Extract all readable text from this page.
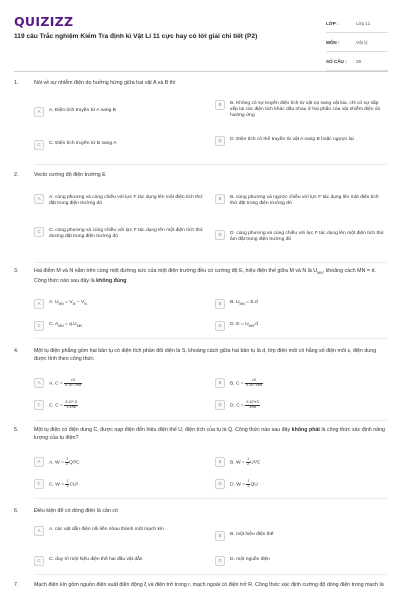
QUIZIZZ
119 câu Trắc nghiệm Kiểm Tra định kì Vật Lí 11 cực hay có lời giải chi tiết (P2)
LỚP :	Lớp 11
MÔN :	Vật lý
SỐ CÂU :	39
1.	Nói về sự nhiễm điện do hưởng hứng giữa hai vật A và B thì
A	A. Điện tích truyền từ A sang B
B	B. Không có sự truyền điện tích từ vật nọ sang vật kia, chỉ có sự sắp xếp lại các điện tích khác dấu nhau ở hai phần của vật nhiễm điện do hưởng ứng
C	C. Điện tích truyền từ B sang A
D	D. Điện tích có thể truyền từ vật A sang B hoặc ngược lại
2.	Vecto cường độ điện trường E
A	A. cùng phương và cùng chiều với lực F tác dụng lên một điện tích thử đặt trong điện trường đó
B	B. cùng phương và ngược chiều với lực F tác dụng lên một điện tích thử đặt trong điện trường đó
C	C. cùng phương và cùng chiều với lực F tác dụng lên một điện tích thử dương đặt trong điện trường đó	D	D. cùng phương và cùng chiều với lực F tác dụng lên một điện tích thử âm đặt trong điện trường đó
3.	Hai điểm M và N nằm trên cùng một đường sức của một điện trường đều có cường độ E, hiệu điện thế giữa M và N là $U_{MN}$, khoảng cách MN = d. Công thức nào sau đây là không đúng
A	A. $U_{MN} = V_M - V_N$	B	B. $U_{MN} = E.d$
C	C. $A_{MN} = q.U_{MN}$	D	D. $E = U_{MN}.d$
4.	Một tụ điện phẳng gồm hai bản tụ có diện tích phần đối diện là S, khoảng cách giữa hai bản tụ là d, lớp điện môi có hằng số điện môi ε, điện dung được tính theo công thức
A	A. $C = \frac{\varepsilon S}{\text{9.10⁹.2πd}}$	B	B. $C = \frac{\varepsilon S}{\text{9.10⁹.4πd}}$
C	C. $C = \frac{\text{9.10⁹.S}}{\varepsilon.4\pi d}$	D	D. $C = \frac{\text{9.10⁹εS}}{4\pi d}$
5.	Một tụ điện có điện dung C, được nạp điện đến hiệu điện thế U, điện tích của tụ là Q. Công thức nào sau đây không phải là công thức xác định năng lượng của tụ điện?
A	A. $W = \frac{1}{2} Q^2/C$	B	B. $W = \frac{1}{2} U^2/C$
C	C. $W = \frac{1}{2} CU^2$	D	D. $W = \frac{1}{2}$ QU
6.	Điều kiện để có dòng điện là cần có
A	A. các vật dẫn điện nối liền nhau thành một mạch kín
B	B. một hiệu điện thế
C	C. duy trì một hiệu điện thế hai đầu vật dẫn	D	D. một nguồn điện
7.	Mạch điện kín gồm nguồn điện suất điện động ξ và điện trở trong r, mạch ngoài có điện trở R. Công thức xác định cường độ dòng điện trong mạch là
